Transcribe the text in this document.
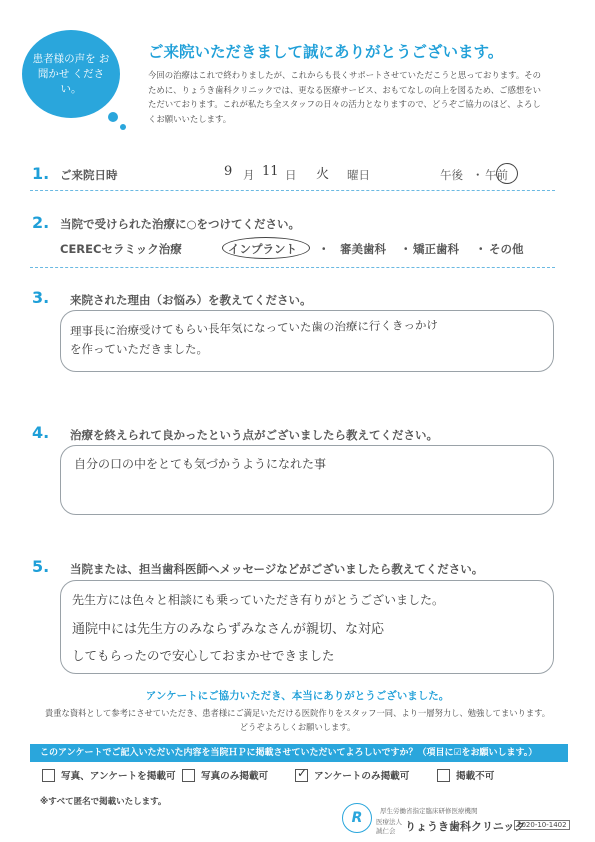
患者様の声を お聞かせ ください。
ご来院いただきまして誠にありがとうございます。
今回の治療はこれで終わりましたが、これからも長くサポートさせていただこうと思っております。そのために、りょうき歯科クリニックでは、更なる医療サービス、おもてなしの向上を図るため、ご感想をいただいております。これが私たち全スタッフの日々の活力となりますので、どうぞご協力のほど、よろしくお願いいたします。
1. ご来院日時	9 月 11 日 火 曜日	午後 ・ 午前
2. 当院で受けられた治療に○をつけてください。
CERECセラミック治療	インプラント ・ 審美歯科 ・ 矯正歯科 ・ その他
3. 来院された理由（お悩み）を教えてください。
理事長に治療受けてもらい長年気になっていた歯の治療に行くきっかけ
を作っていただきました。
4. 治療を終えられて良かったという点がございましたら教えてください。
自分の口の中をとても気づかうようになれた事
5. 当院または、担当歯科医師へメッセージなどがございましたら教えてください。
先生方には色々と相談にも乗っていただき有りがとうございました。
通院中には先生方のみならずみなさんが親切、な対応
してもらったので安心しておまかせできました
アンケートにご協力いただき、本当にありがとうございました。
貴重な資料として参考にさせていただき、患者様にご満足いただける医院作りをスタッフ一同、より一層努力し、勉強してまいります。
どうぞよろしくお願いします。
このアンケートでご記入いただいた内容を当院ＨＰに掲載させていただいてよろしいですか？（項目に☑をお願いします。）
写真、アンケートを掲載可	写真のみ掲載可 ✓ アンケートのみ掲載可	掲載不可
※すべて匿名で掲載いたします。
R	厚生労働省指定臨床研修医療機関
医療法人
誠仁会 りょうき歯科クリニック
2020-10-1402
